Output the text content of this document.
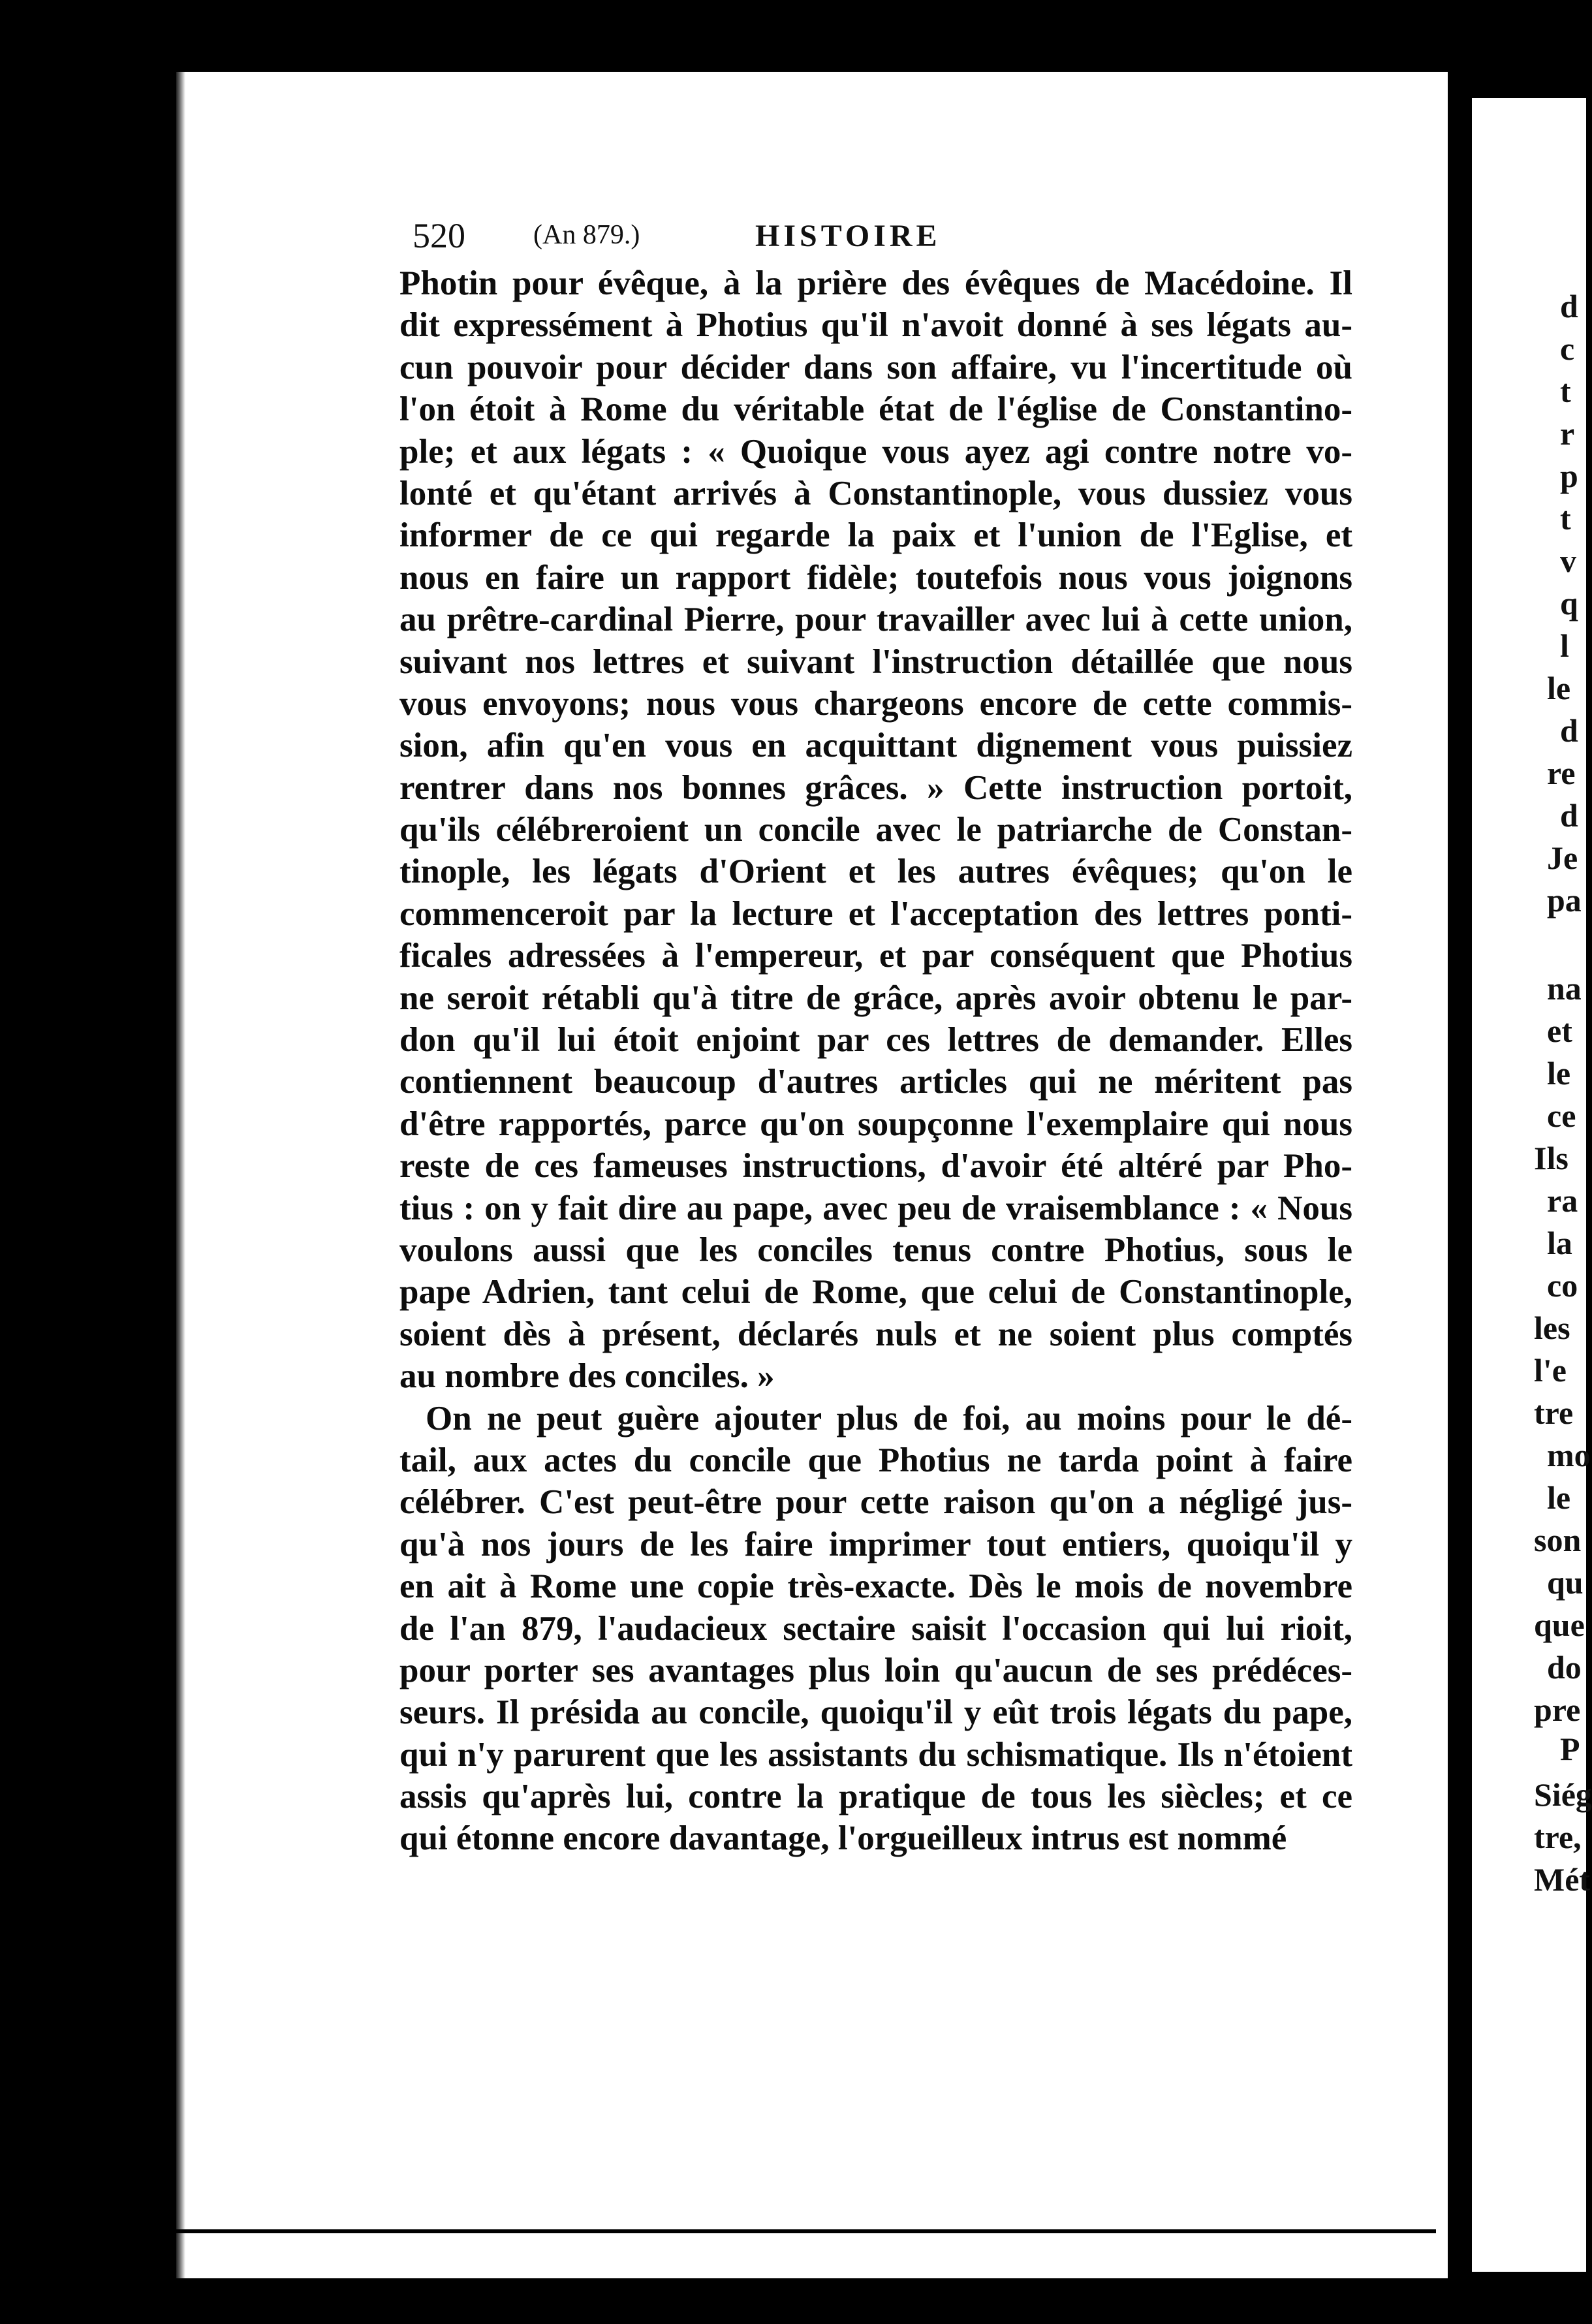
520 (An 879.)	HISTOIRE
Photin pour évêque, à la prière des évêques de Macédoine. Il
dit expressément à Photius qu'il n'avoit donné à ses légats au-
cun pouvoir pour décider dans son affaire, vu l'incertitude où
l'on étoit à Rome du véritable état de l'église de Constantino-
ple; et aux légats : « Quoique vous ayez agi contre notre vo-
lonté et qu'étant arrivés à Constantinople, vous dussiez vous
informer de ce qui regarde la paix et l'union de l'Eglise, et
nous en faire un rapport fidèle; toutefois nous vous joignons
au prêtre-cardinal Pierre, pour travailler avec lui à cette union,
suivant nos lettres et suivant l'instruction détaillée que nous
vous envoyons; nous vous chargeons encore de cette commis-
sion, afin qu'en vous en acquittant dignement vous puissiez
rentrer dans nos bonnes grâces. » Cette instruction portoit,
qu'ils célébreroient un concile avec le patriarche de Constan-
tinople, les légats d'Orient et les autres évêques; qu'on le
commenceroit par la lecture et l'acceptation des lettres ponti-
ficales adressées à l'empereur, et par conséquent que Photius
ne seroit rétabli qu'à titre de grâce, après avoir obtenu le par-
don qu'il lui étoit enjoint par ces lettres de demander. Elles
contiennent beaucoup d'autres articles qui ne méritent pas
d'être rapportés, parce qu'on soupçonne l'exemplaire qui nous
reste de ces fameuses instructions, d'avoir été altéré par Pho-
tius : on y fait dire au pape, avec peu de vraisemblance : « Nous
voulons aussi que les conciles tenus contre Photius, sous le
pape Adrien, tant celui de Rome, que celui de Constantinople,
soient dès à présent, déclarés nuls et ne soient plus comptés
au nombre des conciles. »
On ne peut guère ajouter plus de foi, au moins pour le dé-
tail, aux actes du concile que Photius ne tarda point à faire
célébrer. C'est peut-être pour cette raison qu'on a négligé jus-
qu'à nos jours de les faire imprimer tout entiers, quoiqu'il y
en ait à Rome une copie très-exacte. Dès le mois de novembre
de l'an 879, l'audacieux sectaire saisit l'occasion qui lui rioit,
pour porter ses avantages plus loin qu'aucun de ses prédéces-
seurs. Il présida au concile, quoiqu'il y eût trois légats du pape,
qui n'y parurent que les assistants du schismatique. Ils n'étoient
assis qu'après lui, contre la pratique de tous les siècles; et ce
qui étonne encore davantage, l'orgueilleux intrus est nommé
d
c
t
r
p
t
v
q
l
le
d
re
d
Je
pa
na
et
le
ce
Ils
ra
la
co
les
l'e
tre
mo
le
son
qu
que
do
pre
P
Siég
tre,
Mét
